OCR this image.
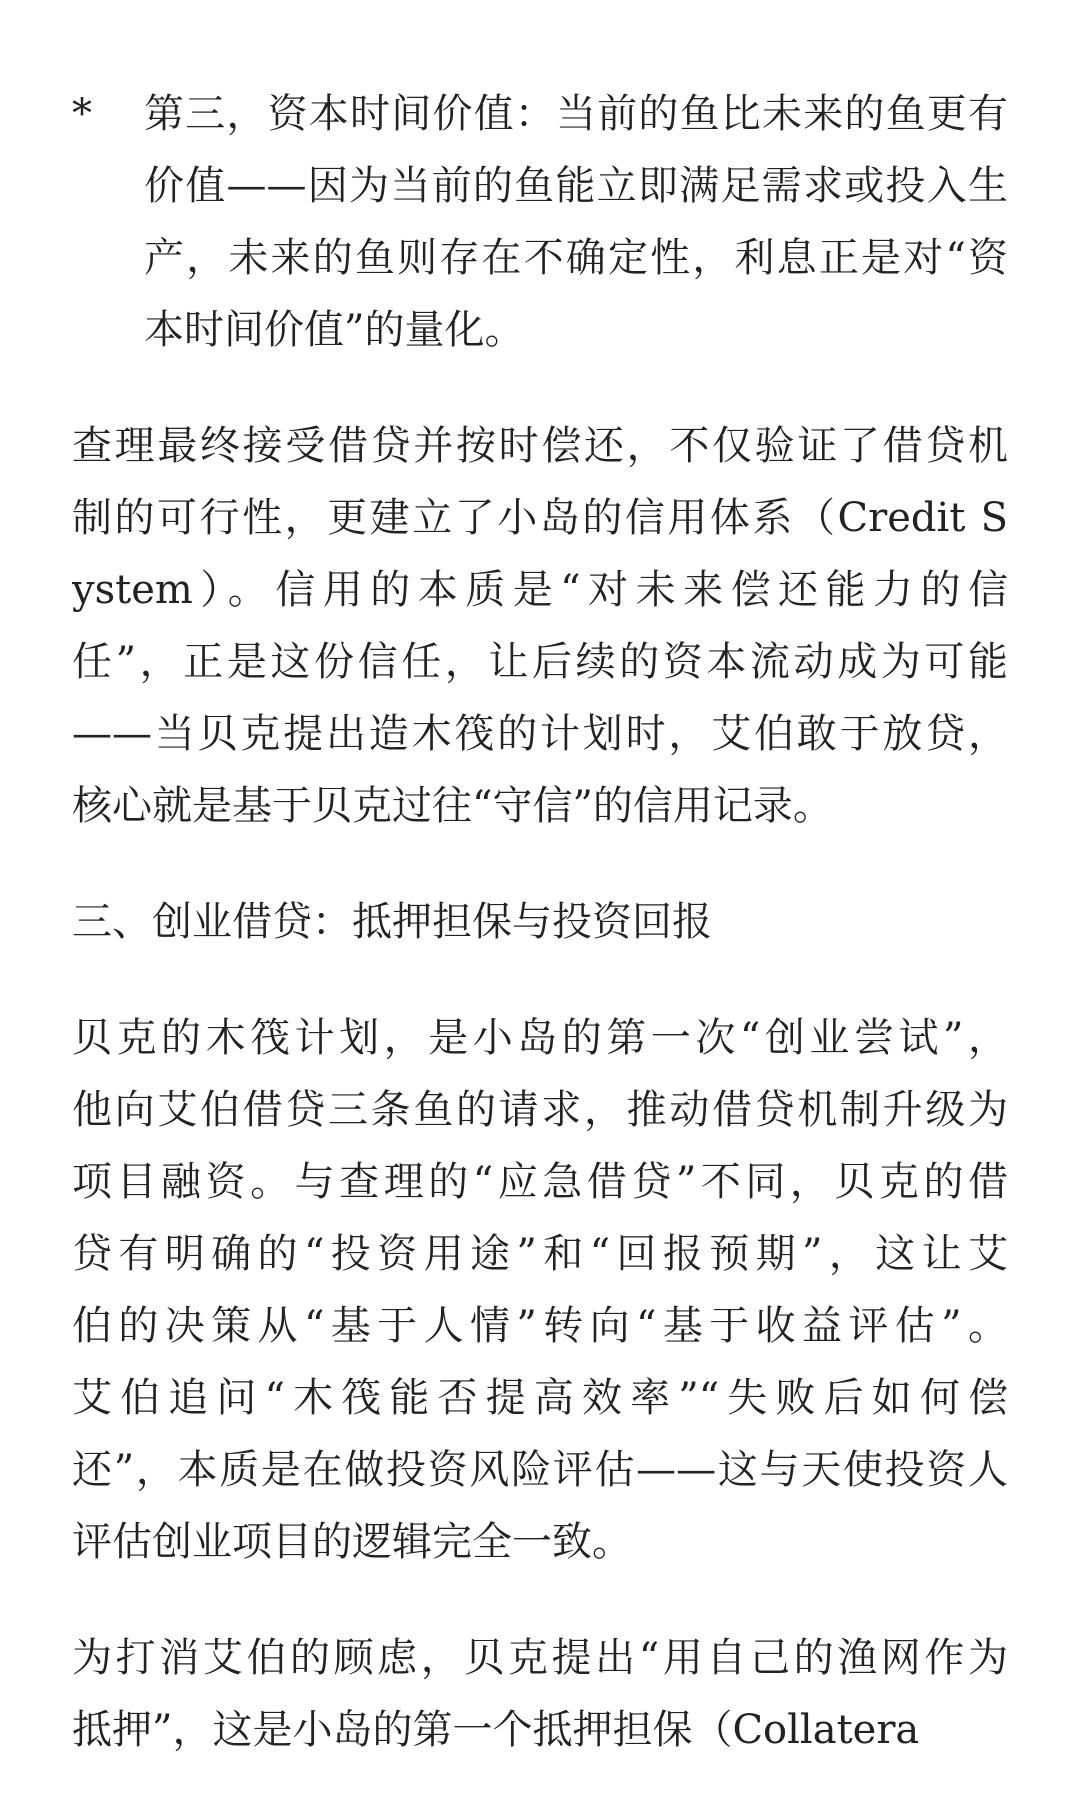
* 第三，资本时间价值：当前的鱼比未来的鱼更有
价值——因为当前的鱼能立即满足需求或投入生
产，未来的鱼则存在不确定性，利息正是对“资
本时间价值”的量化。
查理最终接受借贷并按时偿还，不仅验证了借贷机
制的可行性，更建立了小岛的信用体系（Credit S
ystem）。信用的本质是“对未来偿还能力的信
任”，正是这份信任，让后续的资本流动成为可能
——当贝克提出造木筏的计划时，艾伯敢于放贷，
核心就是基于贝克过往“守信”的信用记录。
三、创业借贷：抵押担保与投资回报
贝克的木筏计划，是小岛的第一次“创业尝试”，
他向艾伯借贷三条鱼的请求，推动借贷机制升级为
项目融资。与查理的“应急借贷”不同，贝克的借
贷有明确的“投资用途”和“回报预期”，这让艾
伯的决策从“基于人情”转向“基于收益评估”。
艾伯追问“木筏能否提高效率”“失败后如何偿
还”，本质是在做投资风险评估——这与天使投资人
评估创业项目的逻辑完全一致。
为打消艾伯的顾虑，贝克提出“用自己的渔网作为
抵押”，这是小岛的第一个抵押担保（Collatera
